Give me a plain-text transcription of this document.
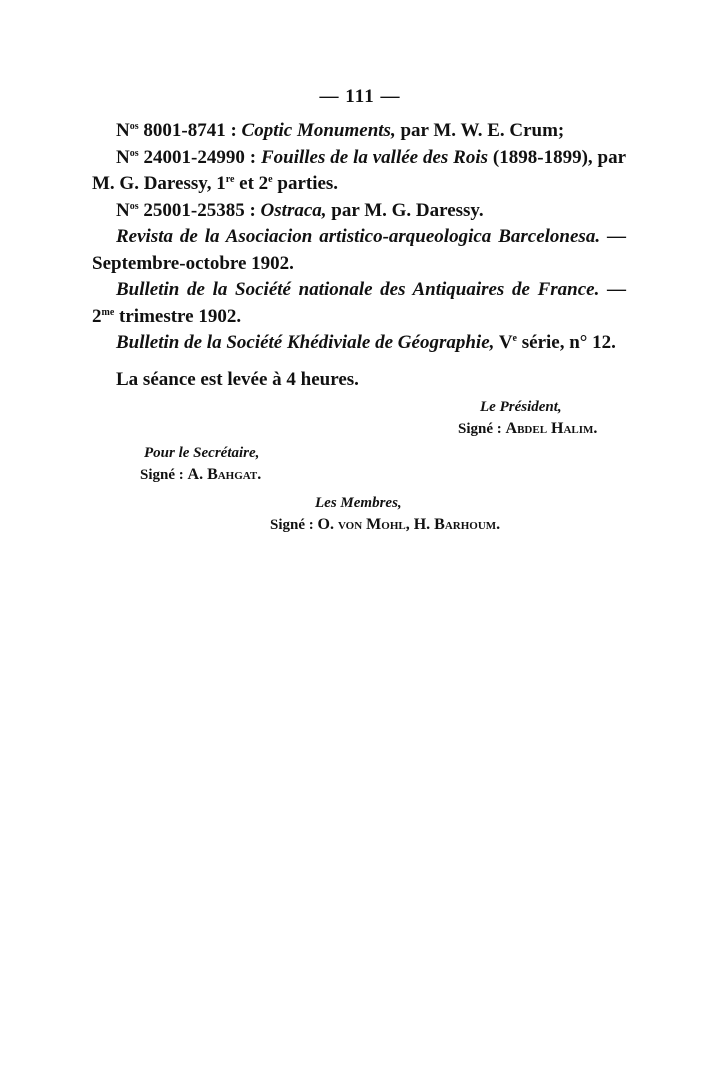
— 111 —

$N^{os}$ 8001-8741 : Coptic Monuments, par M. W. E. Crum;

$N^{os}$ 24001-24990 : Fouilles de la vallée des Rois (1898-1899), par M. G. Daressy, 1re et 2e parties.

$N^{os}$ 25001-25385 : Ostraca, par M. G. Daressy.

Revista de la Asociacion artistico-arqueologica Barcelonesa. — Septembre-octobre 1902.

Bulletin de la Société nationale des Antiquaires de France. — $2^{me}$ trimestre 1902.

Bulletin de la Société Khédiviale de Géographie, Ve série, n° 12.

La séance est levée à 4 heures.

Le Président,
Signé : Abdel Halim.
Pour le Secrétaire,
Signé : A. Bahgat.
Les Membres,
Signé : O. von Mohl, H. Barhoum.
